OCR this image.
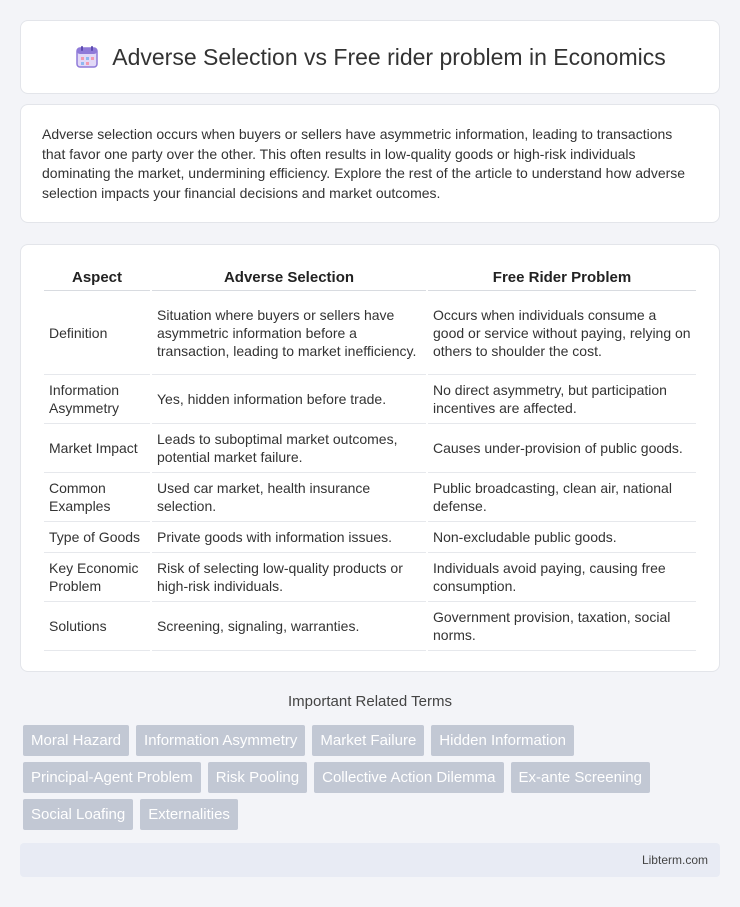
Adverse Selection vs Free rider problem in Economics

Adverse selection occurs when buyers or sellers have asymmetric information, leading to transactions that favor one party over the other. This often results in low-quality goods or high-risk individuals dominating the market, undermining efficiency. Explore the rest of the article to understand how adverse selection impacts your financial decisions and market outcomes.

Aspect	Adverse Selection	Free Rider Problem
Definition	Situation where buyers or sellers have asymmetric information before a transaction, leading to market inefficiency.	Occurs when individuals consume a good or service without paying, relying on others to shoulder the cost.
Information Asymmetry	Yes, hidden information before trade.	No direct asymmetry, but participation incentives are affected.
Market Impact	Leads to suboptimal market outcomes, potential market failure.	Causes under-provision of public goods.
Common Examples	Used car market, health insurance selection.	Public broadcasting, clean air, national defense.
Type of Goods	Private goods with information issues.	Non-excludable public goods.
Key Economic Problem	Risk of selecting low-quality products or high-risk individuals.	Individuals avoid paying, causing free consumption.
Solutions	Screening, signaling, warranties.	Government provision, taxation, social norms.
Important Related Terms
Moral Hazard	Information Asymmetry	Market Failure	Hidden Information
Principal-Agent Problem	Risk Pooling	Collective Action Dilemma	Ex-ante Screening
Social Loafing	Externalities
Libterm.com
